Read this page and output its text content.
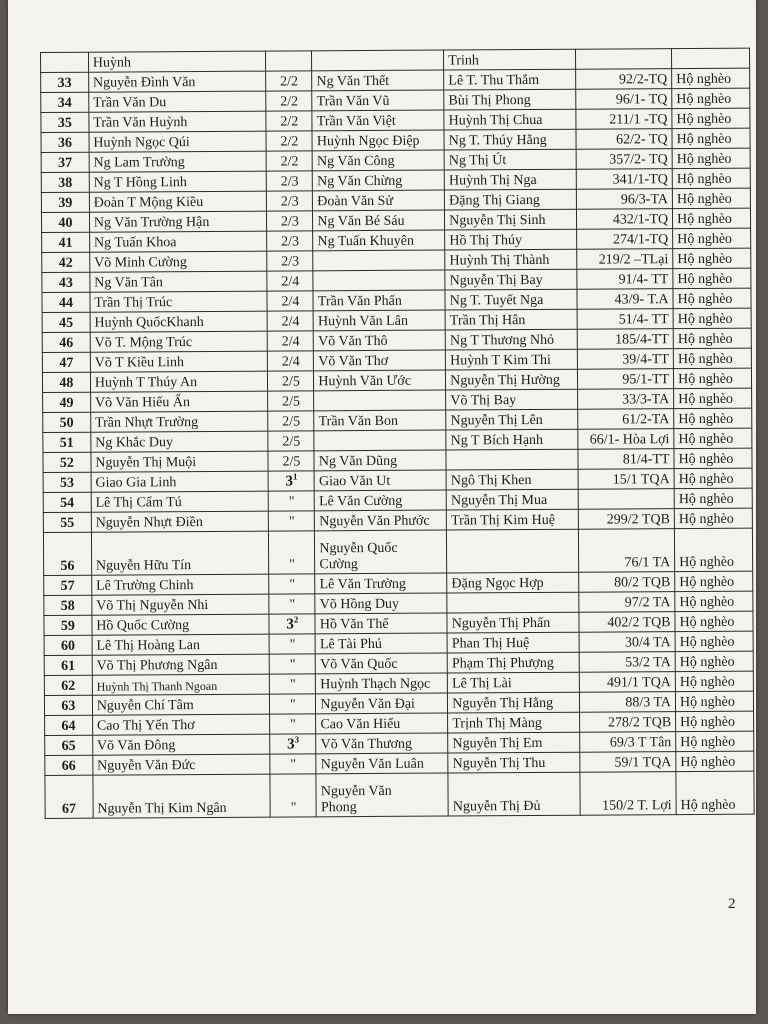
	Huỳnh			Trinh		
33	Nguyễn Đình Văn	2/2	Ng Văn Thết	Lê T. Thu Thắm	92/2-TQ	Hộ nghèo
34	Trần Văn Du	2/2	Trần Văn Vũ	Bùi Thị Phong	96/1- TQ	Hộ nghèo
35	Trần Văn Huỳnh	2/2	Trần Văn Việt	Huỳnh Thị Chua	211/1 -TQ	Hộ nghèo
36	Huỳnh Ngọc Qúi	2/2	Huỳnh Ngọc Điệp	Ng T. Thúy Hằng	62/2- TQ	Hộ nghèo
37	Ng Lam Trường	2/2	Ng Văn Công	Ng Thị Út	357/2- TQ	Hộ nghèo
38	Ng T Hồng Linh	2/3	Ng Văn Chừng	Huỳnh Thị Nga	341/1-TQ	Hộ nghèo
39	Đoàn T Mộng Kiều	2/3	Đoàn Văn Sử	Đặng Thị Giang	96/3-TA	Hộ nghèo
40	Ng Văn Trường Hận	2/3	Ng Văn Bé Sáu	Nguyễn Thị Sinh	432/1-TQ	Hộ nghèo
41	Ng Tuấn Khoa	2/3	Ng Tuấn Khuyên	Hồ Thị Thúy	274/1-TQ	Hộ nghèo
42	Võ Minh Cường	2/3		Huỳnh Thị Thành	219/2 –TLại	Hộ nghèo
43	Ng Văn Tân	2/4		Nguyễn Thị Bay	91/4- TT	Hộ nghèo
44	Trần Thị Trúc	2/4	Trần Văn Phấn	Ng T. Tuyết Nga	43/9- T.A	Hộ nghèo
45	Huỳnh QuốcKhanh	2/4	Huỳnh Văn Lân	Trần Thị Hân	51/4- TT	Hộ nghèo
46	Võ T. Mộng Trúc	2/4	Võ Văn Thô	Ng T Thương Nhỏ	185/4-TT	Hộ nghèo
47	Võ T Kiều Linh	2/4	Võ Văn Thơ	Huỳnh T Kim Thi	39/4-TT	Hộ nghèo
48	Huỳnh T Thúy An	2/5	Huỳnh Văn Ước	Nguyễn Thị Hường	95/1-TT	Hộ nghèo
49	Võ Văn Hiếu Ấn	2/5		Võ Thị Bay	33/3-TA	Hộ nghèo
50	Trần Nhựt Trường	2/5	Trần Văn Bon	Nguyễn Thị Lên	61/2-TA	Hộ nghèo
51	Ng Khắc Duy	2/5		Ng T Bích Hạnh	66/1- Hòa Lợi	Hộ nghèo
52	Nguyễn Thị Muội	2/5	Ng Văn Dũng		81/4-TT	Hộ nghèo
53	Giao Gia Linh	$3^1$	Giao Văn Ut	Ngô Thị Khen	15/1 TQA	Hộ nghèo
54	Lê Thị Cẩm Tú	"	Lê Văn Cường	Nguyễn Thị Mua		Hộ nghèo
55	Nguyễn Nhựt Điền	"	Nguyễn Văn Phước	Trần Thị Kim Huệ	299/2 TQB	Hộ nghèo
56	Nguyễn Hữu Tín	"	Nguyễn Quốc
Cường		76/1 TA	Hộ nghèo
57	Lê Trường Chinh	"	Lê Văn Trường	Đặng Ngọc Hợp	80/2 TQB	Hộ nghèo
58	Võ Thị Nguyễn Nhi	"	Võ Hồng Duy		97/2 TA	Hộ nghèo
59	Hồ Quốc Cường	$3^2$	Hồ Văn Thế	Nguyễn Thị Phấn	402/2 TQB	Hộ nghèo
60	Lê Thị Hoàng Lan	"	Lê Tài Phú	Phan Thị Huệ	30/4 TA	Hộ nghèo
61	Võ Thị Phương Ngân	"	Võ Văn Quốc	Phạm Thị Phượng	53/2 TA	Hộ nghèo
62	Huỳnh Thị Thanh Ngoan	"	Huỳnh Thạch Ngọc	Lê Thị Lài	491/1 TQA	Hộ nghèo
63	Nguyễn Chí Tâm	"	Nguyễn Văn Đại	Nguyễn Thị Hằng	88/3 TA	Hộ nghèo
64	Cao Thị Yến Thơ	"	Cao Văn Hiểu	Trịnh Thị Màng	278/2 TQB	Hộ nghèo
65	Võ Văn Đông	$3^3$	Võ Văn Thương	Nguyễn Thị Em	69/3 T Tân	Hộ nghèo
66	Nguyễn Văn Đức	"	Nguyễn Văn Luân	Nguyễn Thị Thu	59/1 TQA	Hộ nghèo
67	Nguyễn Thị Kim Ngân	"	Nguyễn Văn
Phong	Nguyễn Thị Đủ	150/2 T. Lợi	Hộ nghèo
2
